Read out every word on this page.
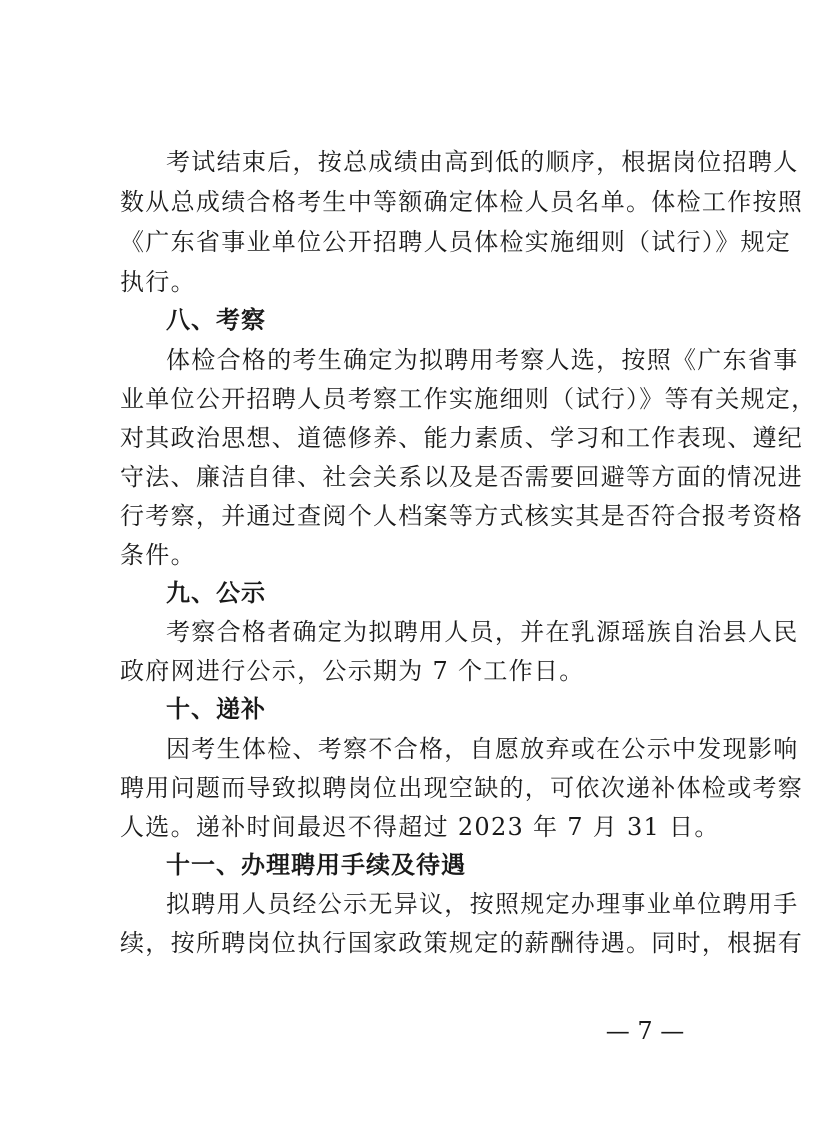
考试结束后，按总成绩由高到低的顺序，根据岗位招聘人
数从总成绩合格考生中等额确定体检人员名单。体检工作按照
《广东省事业单位公开招聘人员体检实施细则（试行）》规定
执行。
八、考察
体检合格的考生确定为拟聘用考察人选，按照《广东省事
业单位公开招聘人员考察工作实施细则（试行）》等有关规定，
对其政治思想、道德修养、能力素质、学习和工作表现、遵纪
守法、廉洁自律、社会关系以及是否需要回避等方面的情况进
行考察，并通过查阅个人档案等方式核实其是否符合报考资格
条件。
九、公示
考察合格者确定为拟聘用人员，并在乳源瑶族自治县人民
政府网进行公示，公示期为 7 个工作日。
十、递补
因考生体检、考察不合格，自愿放弃或在公示中发现影响
聘用问题而导致拟聘岗位出现空缺的，可依次递补体检或考察
人选。递补时间最迟不得超过 2023 年 7 月 31 日。
十一、办理聘用手续及待遇
拟聘用人员经公示无异议，按照规定办理事业单位聘用手
续，按所聘岗位执行国家政策规定的薪酬待遇。同时，根据有
— 7 —
